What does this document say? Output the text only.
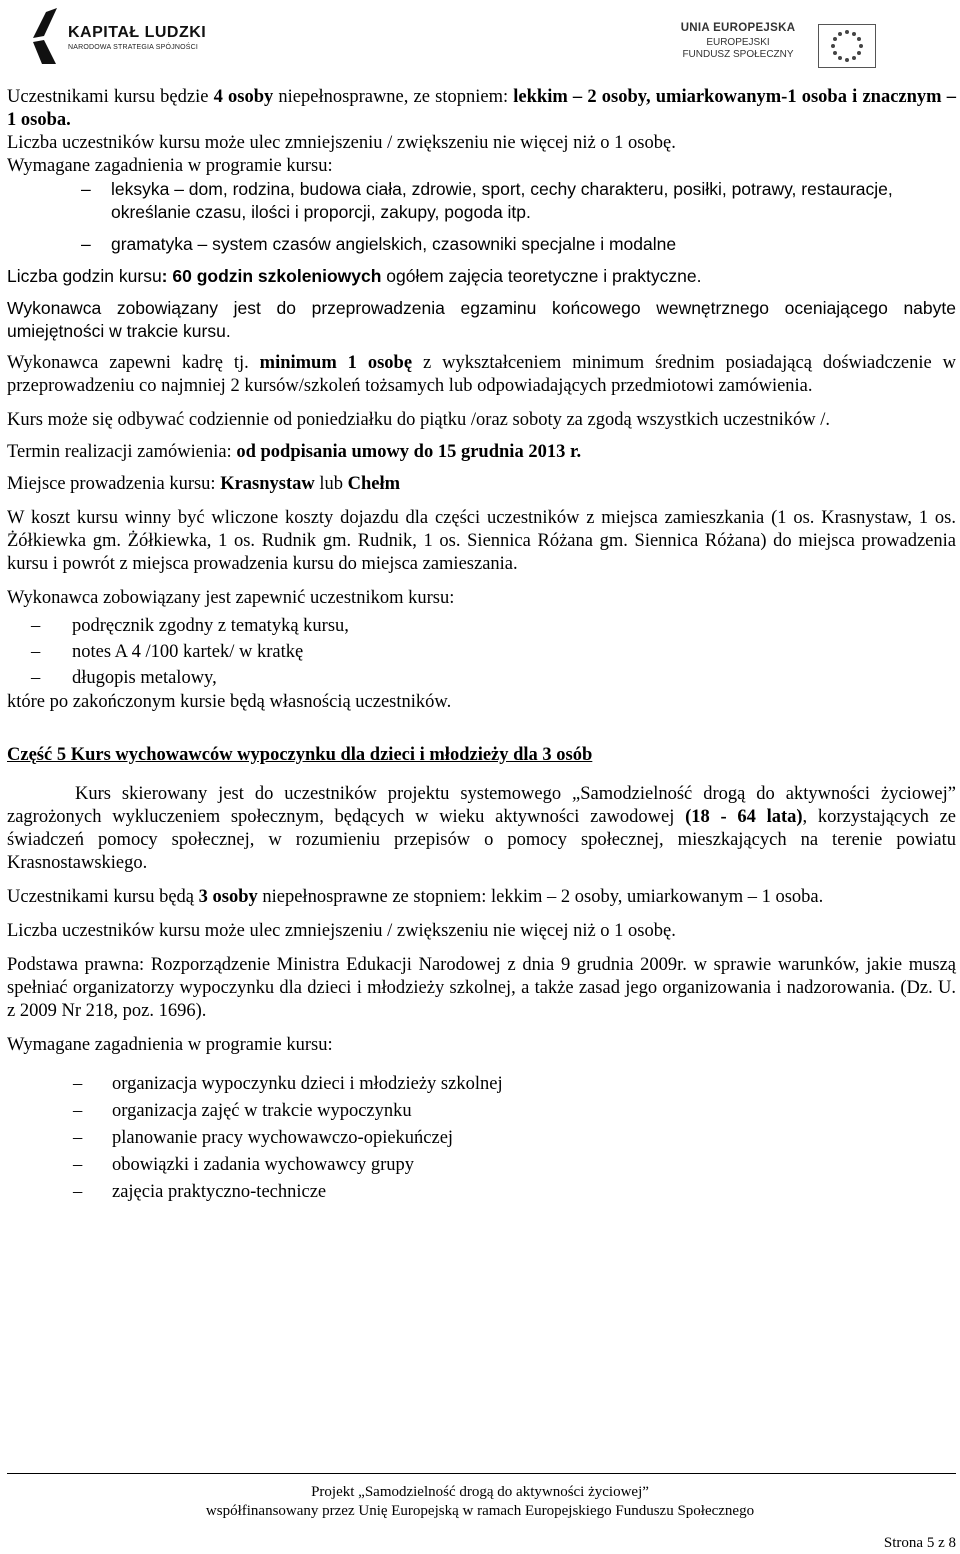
KAPITAŁ LUDZKI
NARODOWA STRATEGIA SPÓJNOŚCI
UNIA EUROPEJSKA
EUROPEJSKI
FUNDUSZ SPOŁECZNY

Uczestnikami kursu będzie 4 osoby niepełnosprawne, ze stopniem: lekkim – 2 osoby, umiarkowanym-1 osoba i znacznym – 1 osoba.

Liczba uczestników kursu może ulec zmniejszeniu / zwiększeniu nie więcej niż o 1 osobę.

Wymagane zagadnienia w programie kursu:

– leksyka – dom, rodzina, budowa ciała, zdrowie, sport, cechy charakteru, posiłki, potrawy, restauracje, określanie czasu, ilości i proporcji, zakupy, pogoda itp.
– gramatyka – system czasów angielskich, czasowniki specjalne i modalne

Liczba godzin kursu: 60 godzin szkoleniowych ogółem zajęcia teoretyczne i praktyczne.

Wykonawca zobowiązany jest do przeprowadzenia egzaminu końcowego wewnętrznego oceniającego nabyte umiejętności w trakcie kursu.

Wykonawca zapewni kadrę tj. minimum 1 osobę z wykształceniem minimum średnim posiadającą doświadczenie w przeprowadzeniu co najmniej 2 kursów/szkoleń tożsamych lub odpowiadających przedmiotowi zamówienia.

Kurs może się odbywać codziennie od poniedziałku do piątku /oraz soboty za zgodą wszystkich uczestników /.

Termin realizacji zamówienia: od podpisania umowy do 15 grudnia 2013 r.

Miejsce prowadzenia kursu: Krasnystaw lub Chełm

W koszt kursu winny być wliczone koszty dojazdu dla części uczestników z miejsca zamieszkania (1 os. Krasnystaw, 1 os. Żółkiewka gm. Żółkiewka, 1 os. Rudnik gm. Rudnik, 1 os. Siennica Różana gm. Siennica Różana) do miejsca prowadzenia kursu i powrót z miejsca prowadzenia kursu do miejsca zamieszania.

Wykonawca zobowiązany jest zapewnić uczestnikom kursu:

– podręcznik zgodny z tematyką kursu,
– notes A 4 /100 kartek/ w kratkę
– długopis metalowy,

które po zakończonym kursie będą własnością uczestników.

Część 5 Kurs wychowawców wypoczynku dla dzieci i młodzieży dla 3 osób

Kurs skierowany jest do uczestników projektu systemowego „Samodzielność drogą do aktywności życiowej” zagrożonych wykluczeniem społecznym, będących w wieku aktywności zawodowej (18 - 64 lata), korzystających ze świadczeń pomocy społecznej, w rozumieniu przepisów o pomocy społecznej, mieszkających na terenie powiatu Krasnostawskiego.

Uczestnikami kursu będą 3 osoby niepełnosprawne ze stopniem: lekkim – 2 osoby, umiarkowanym – 1 osoba.

Liczba uczestników kursu może ulec zmniejszeniu / zwiększeniu nie więcej niż o 1 osobę.

Podstawa prawna: Rozporządzenie Ministra Edukacji Narodowej z dnia 9 grudnia 2009r. w sprawie warunków, jakie muszą spełniać organizatorzy wypoczynku dla dzieci i młodzieży szkolnej, a także zasad jego organizowania i nadzorowania. (Dz. U. z 2009 Nr 218, poz. 1696).

Wymagane zagadnienia w programie kursu:

– organizacja wypoczynku dzieci i młodzieży szkolnej
– organizacja zajęć w trakcie wypoczynku
– planowanie pracy wychowawczo-opiekuńczej
– obowiązki i zadania wychowawcy grupy
– zajęcia praktyczno-technicze
Projekt „Samodzielność drogą do aktywności życiowej”
współfinansowany przez Unię Europejską w ramach Europejskiego Funduszu Społecznego
Strona 5 z 8
